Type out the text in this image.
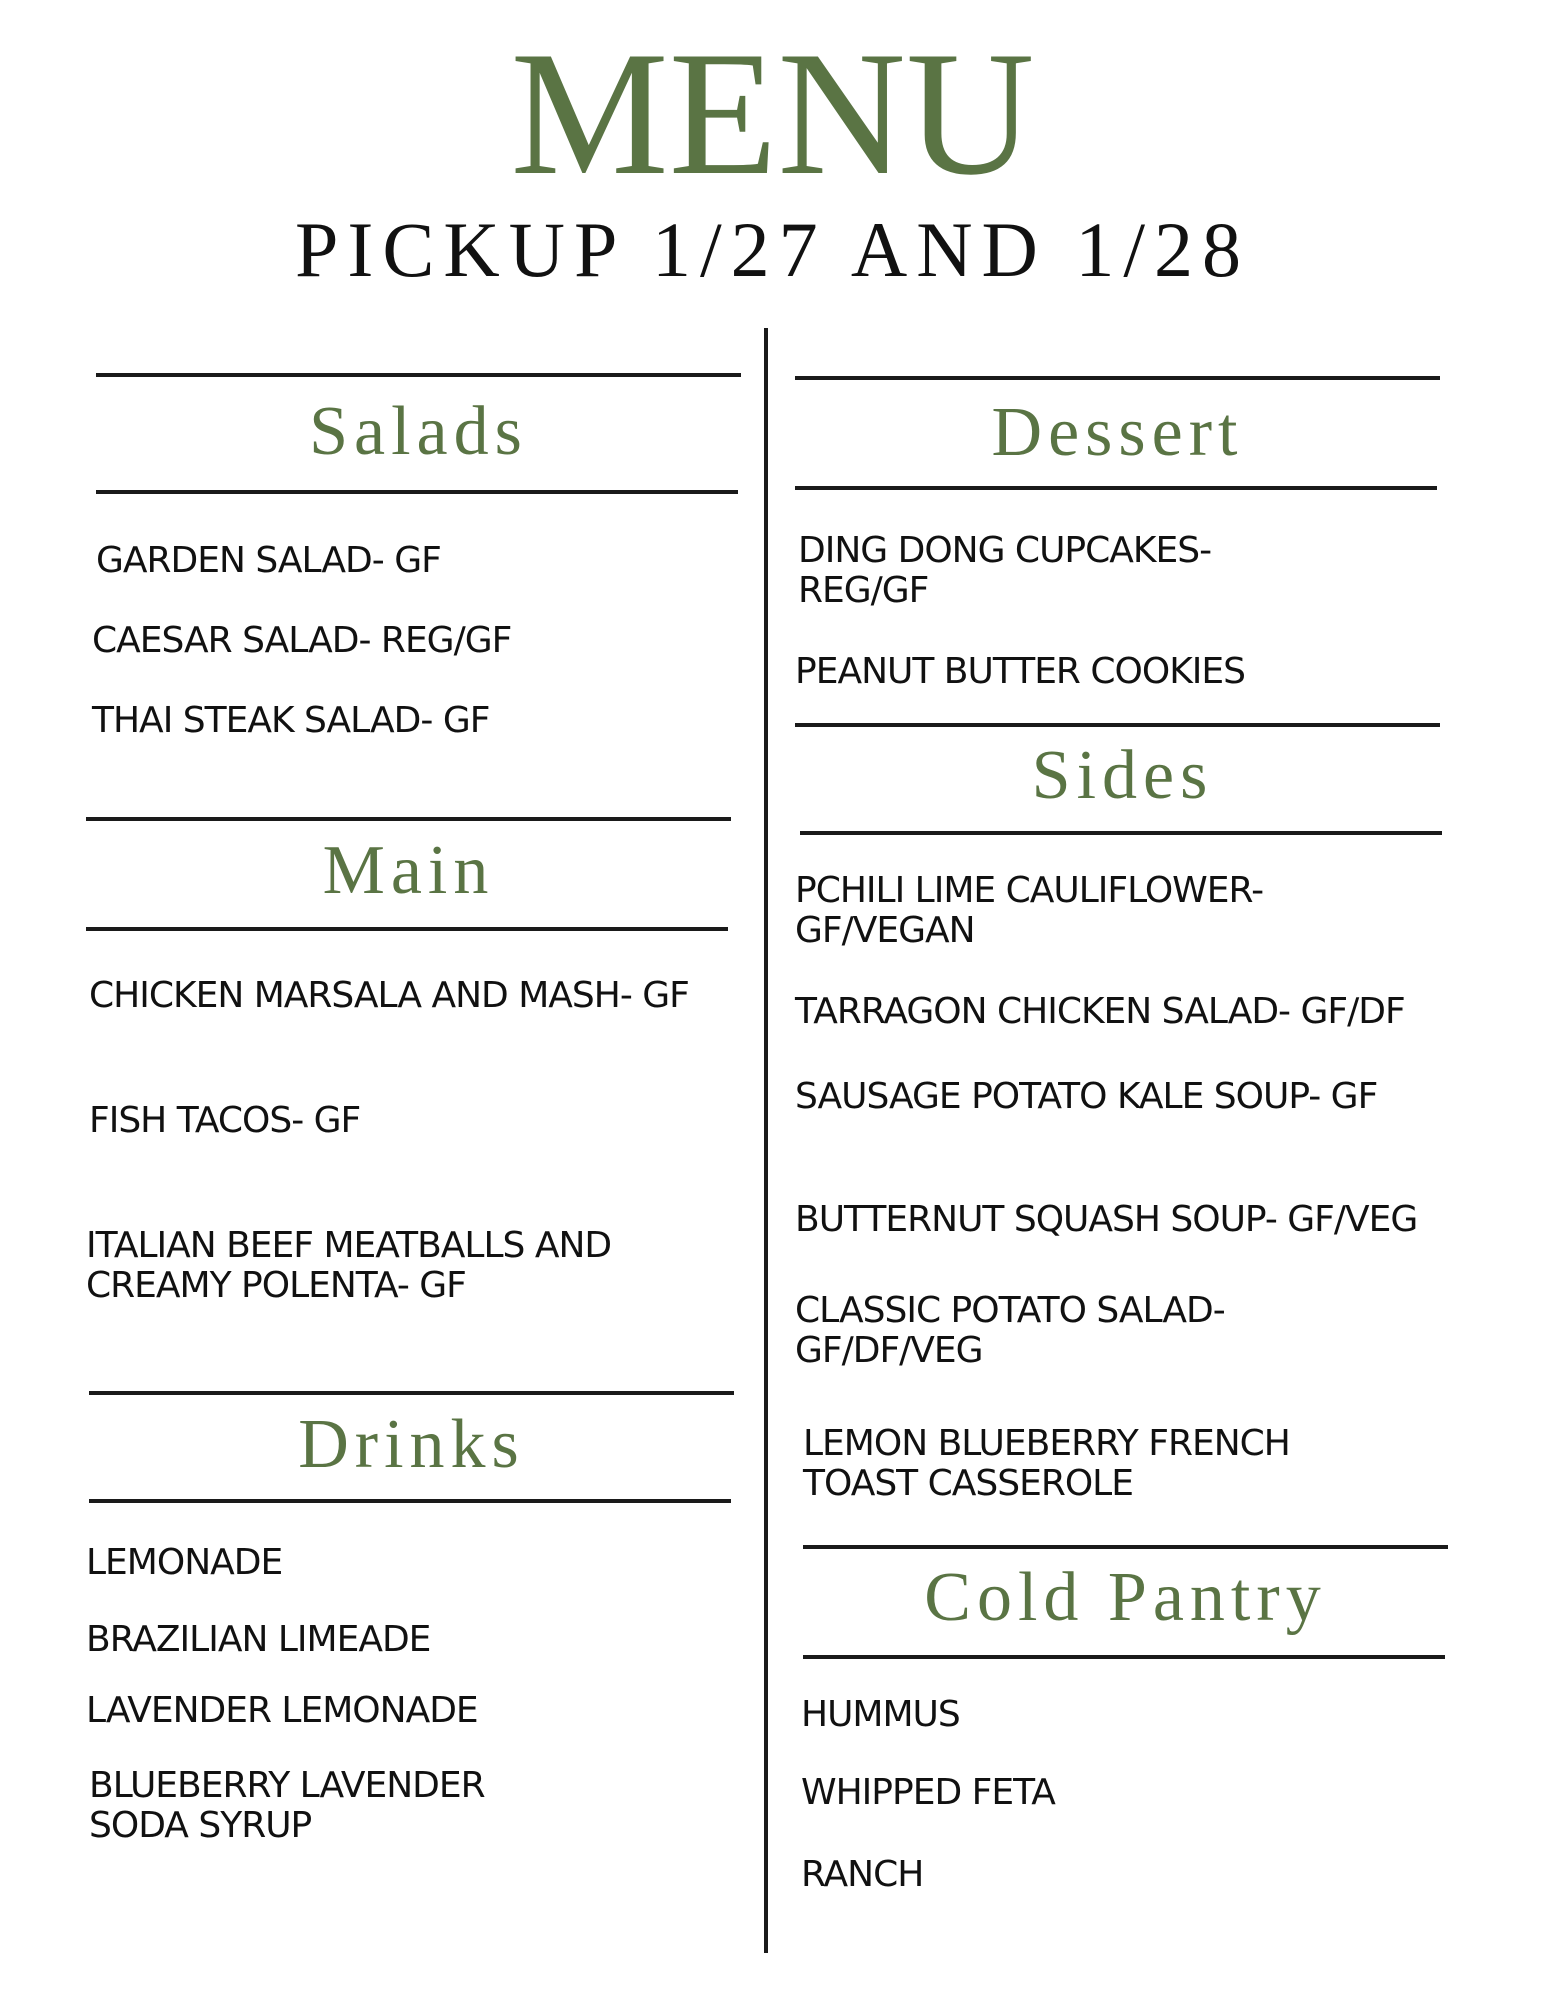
MENU
PICKUP 1/27 AND 1/28
Salads
GARDEN SALAD- GF
CAESAR SALAD- REG/GF
THAI STEAK SALAD- GF
Main
CHICKEN MARSALA AND MASH- GF
FISH TACOS- GF
ITALIAN BEEF MEATBALLS AND CREAMY POLENTA- GF
Drinks
LEMONADE
BRAZILIAN LIMEADE
LAVENDER LEMONADE
BLUEBERRY LAVENDER SODA SYRUP
Dessert
DING DONG CUPCAKES- REG/GF
PEANUT BUTTER COOKIES
Sides
PCHILI LIME CAULIFLOWER- GF/VEGAN
TARRAGON CHICKEN SALAD- GF/DF
SAUSAGE POTATO KALE SOUP- GF
BUTTERNUT SQUASH SOUP- GF/VEG
CLASSIC POTATO SALAD- GF/DF/VEG
LEMON BLUEBERRY FRENCH TOAST CASSEROLE
Cold Pantry
HUMMUS
WHIPPED FETA
RANCH
